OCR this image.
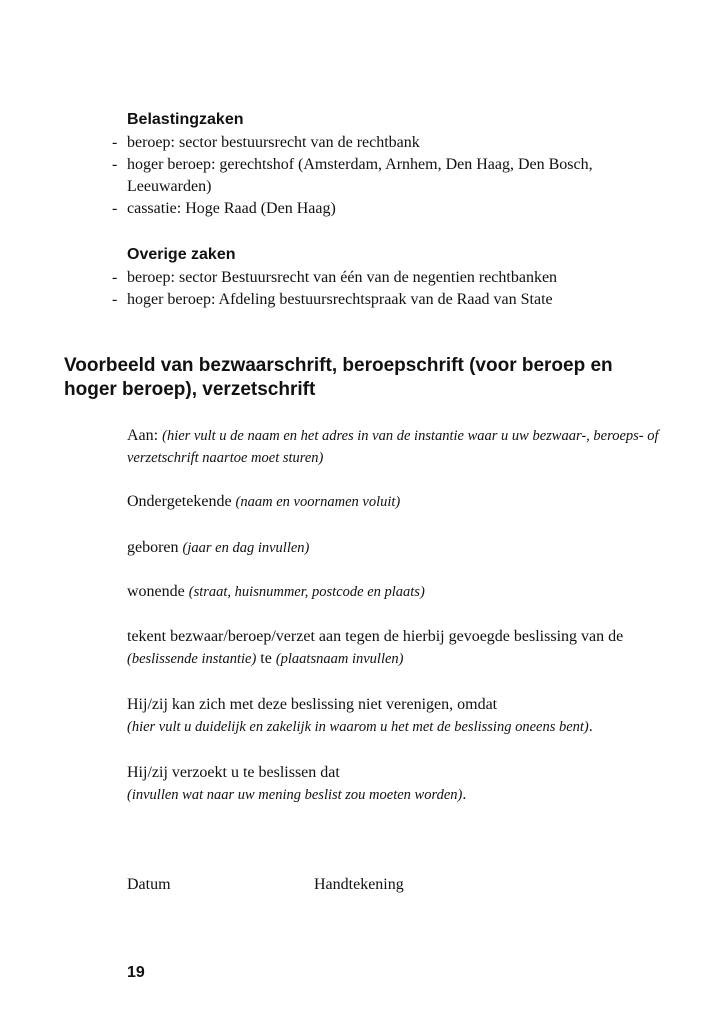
Belastingzaken
- beroep: sector bestuursrecht van de rechtbank
- hoger beroep: gerechtshof (Amsterdam, Arnhem, Den Haag, Den Bosch, Leeuwarden)
- cassatie: Hoge Raad (Den Haag)
Overige zaken
- beroep: sector Bestuursrecht van één van de negentien rechtbanken
- hoger beroep: Afdeling bestuursrechtspraak van de Raad van State
Voorbeeld van bezwaarschrift, beroepschrift (voor beroep en hoger beroep), verzetschrift
Aan: (hier vult u de naam en het adres in van de instantie waar u uw bezwaar-, beroeps- of verzetschrift naartoe moet sturen)
Ondergetekende (naam en voornamen voluit)
geboren (jaar en dag invullen)
wonende (straat, huisnummer, postcode en plaats)
tekent bezwaar/beroep/verzet aan tegen de hierbij gevoegde beslissing van de
(beslissende instantie) te (plaatsnaam invullen)
Hij/zij kan zich met deze beslissing niet verenigen, omdat
(hier vult u duidelijk en zakelijk in waarom u het met de beslissing oneens bent).
Hij/zij verzoekt u te beslissen dat
(invullen wat naar uw mening beslist zou moeten worden).
Datum	Handtekening
19
